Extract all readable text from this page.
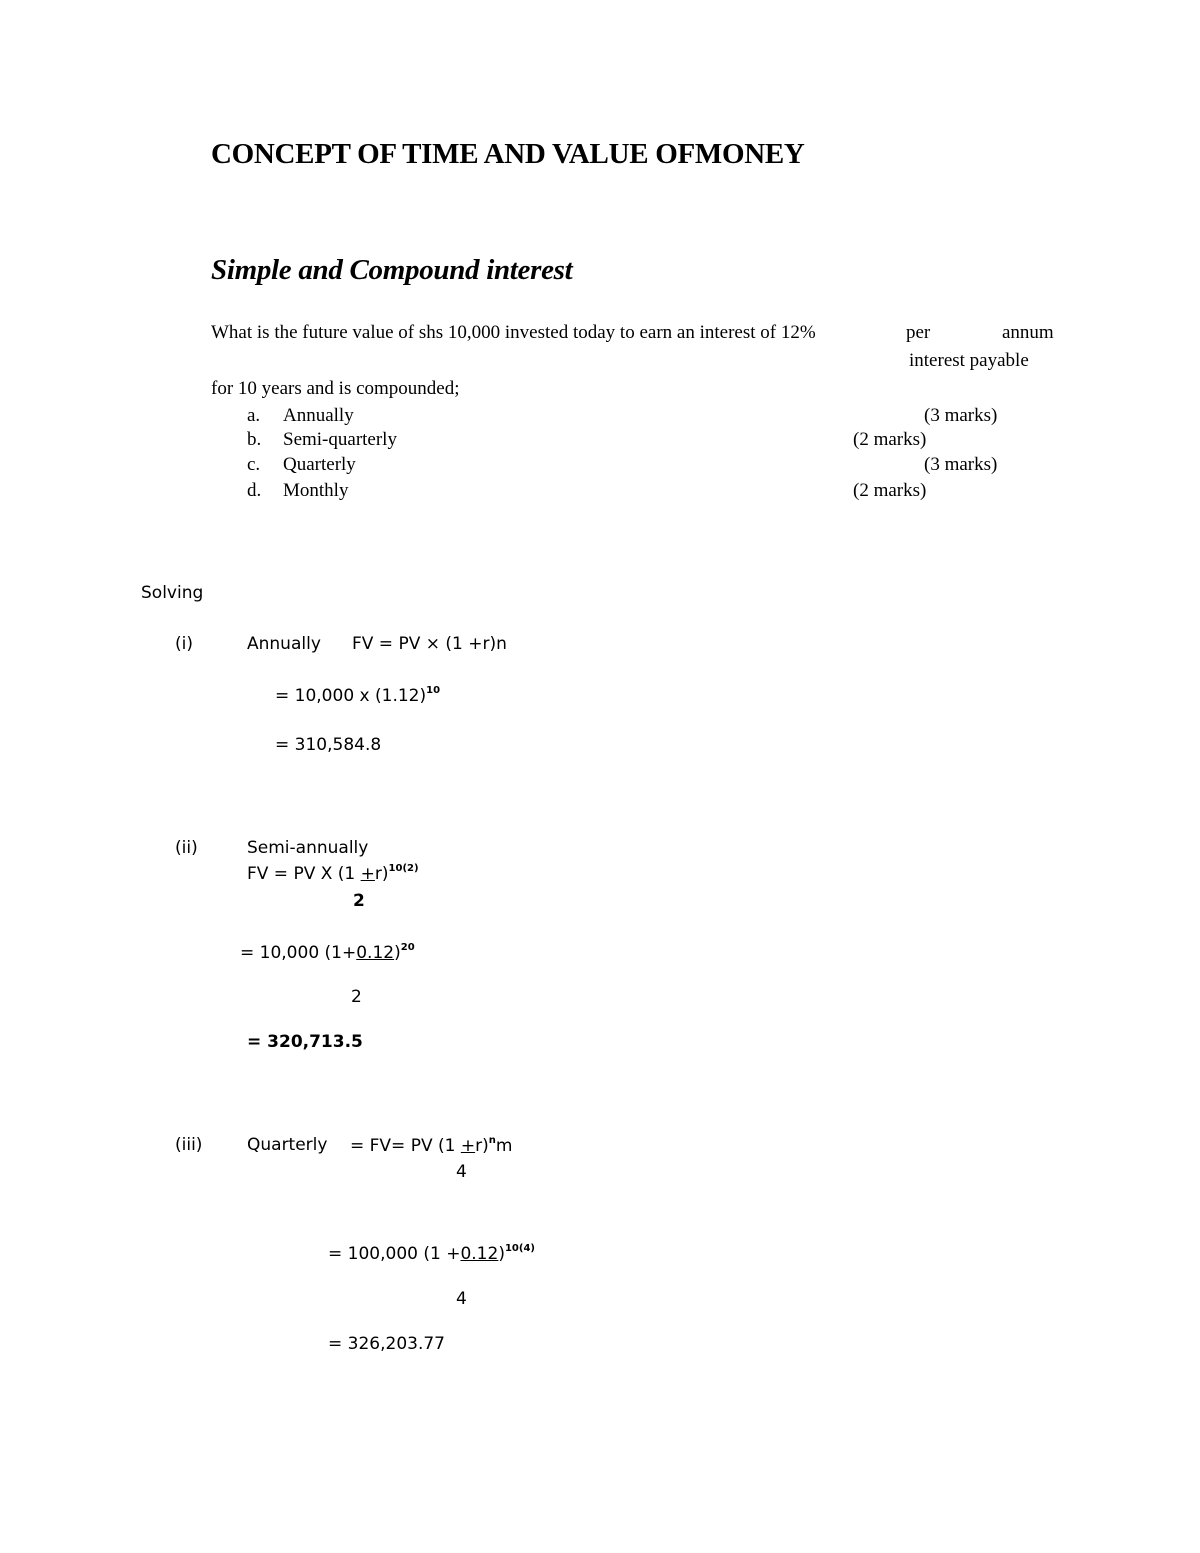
CONCEPT OF TIME AND VALUE OFMONEY
Simple and Compound interest
What is the future value of shs 10,000 invested today to earn an interest of 12%	per	annum
interest payable
for 10 years and is compounded;
a. Annually	(3 marks)
b. Semi-quarterly	(2 marks)
c. Quarterly	(3 marks)
d. Monthly	(2 marks)
Solving
(i)	Annually FV = PV × (1 +r)n
= 10,000 x $(1.12)^{10}$
= 310,584.8
(ii)	Semi-annually
FV = PV X $(1 +r)^{10(2)}$
2
= 10,000 $(1+0.12)^{20}$
2
= 320,713.5
(iii)	Quarterly = FV= PV $(1 +r)^nm$
4
= 100,000 $(1 +0.12)^{10(4)}$
4
= 326,203.77
